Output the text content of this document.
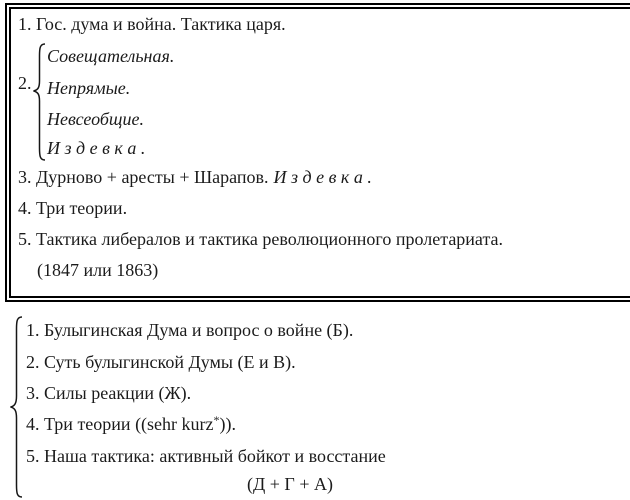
1. Гос. дума и война. Тактика царя.
2.
Совещательная.
Непрямые.
Невсеобщие.
И з д е в к а .
3. Дурново + аресты + Шарапов. И з д е в к а .
4. Три теории.
5. Тактика либералов и тактика революционного пролетариата.
(1847 или 1863)
1. Булыгинская Дума и вопрос о войне (Б).
2. Суть булыгинской Думы (Е и В).
3. Силы реакции (Ж).
4. Три теории ((sehr kurz*)).
5. Наша тактика: активный бойкот и восстание
(Д + Г + А)
